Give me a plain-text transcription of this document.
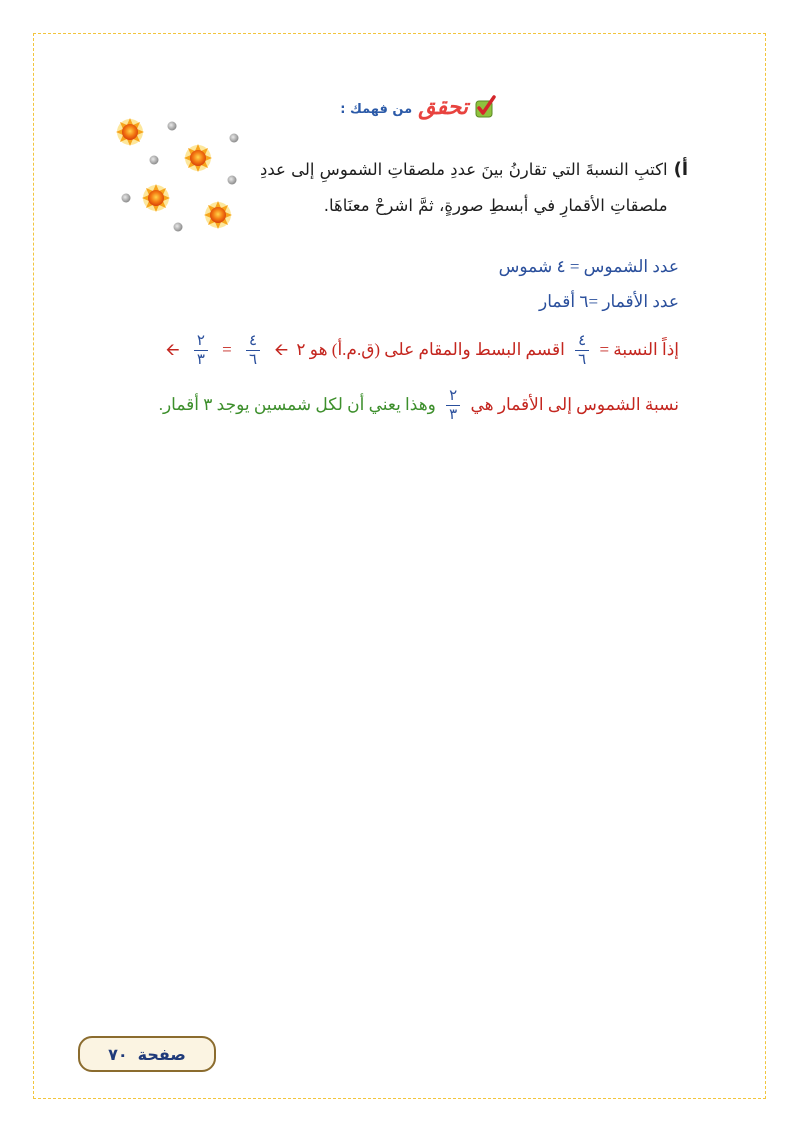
تحقق
من فهمك :
أ)
اكتبِ النسبةَ التي تقارنُ بينَ عددِ ملصقاتِ الشموسِ إلى عددِ ملصقاتِ الأقمارِ في أبسطِ صورةٍ، ثمَّ اشرحْ معنَاهَا.
عدد الشموس = ٤ شموس
عدد الأقمار =٦ أقمار
إذاً النسبة =
$\frac{٤}{٦}$
اقسم البسط والمقام على (ق.م.أ) هو ٢ 🡨
$\frac{٤}{٦}$
=
$\frac{٢}{٣}$
🡨
نسبة الشموس إلى الأقمار هي
$\frac{٢}{٣}$
وهذا يعني أن لكل شمسين يوجد ٣ أقمار.
صفحة
٧٠
